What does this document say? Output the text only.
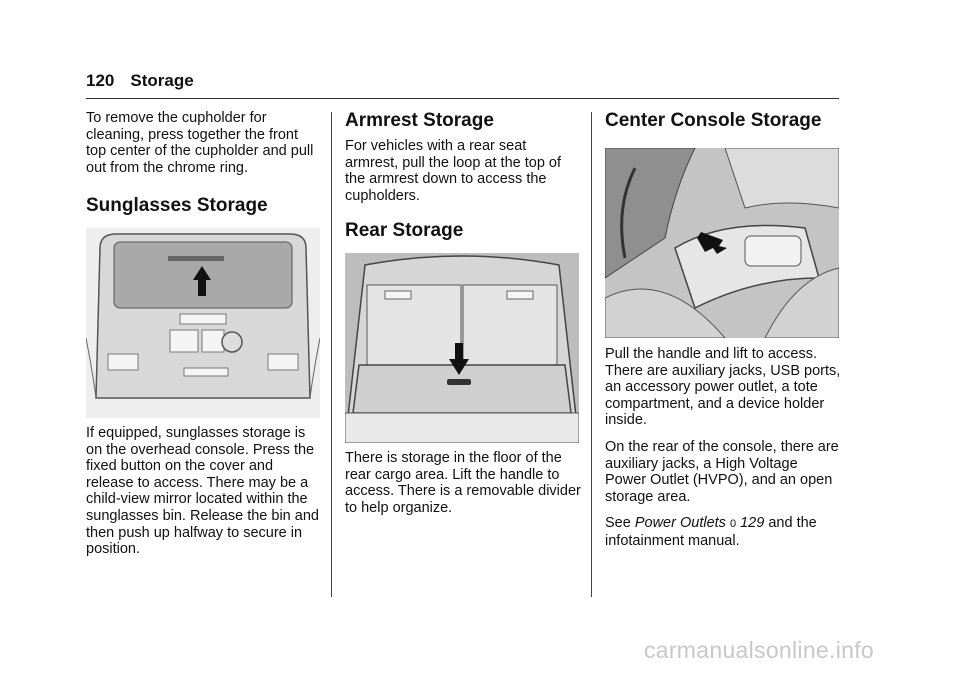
120 Storage

To remove the cupholder for cleaning, press together the front top center of the cupholder and pull out from the chrome ring.

Sunglasses Storage

If equipped, sunglasses storage is on the overhead console. Press the fixed button on the cover and release to access. There may be a child-view mirror located within the sunglasses bin. Release the bin and then push up halfway to secure in position.

Armrest Storage

For vehicles with a rear seat armrest, pull the loop at the top of the armrest down to access the cupholders.

Rear Storage

There is storage in the floor of the rear cargo area. Lift the handle to access. There is a removable divider to help organize.

Center Console Storage

Pull the handle and lift to access. There are auxiliary jacks, USB ports, an accessory power outlet, a tote compartment, and a device holder inside.

On the rear of the console, there are auxiliary jacks, a High Voltage Power Outlet (HVPO), and an open storage area.

See Power Outlets 0 129 and the infotainment manual.

carmanualsonline.info
